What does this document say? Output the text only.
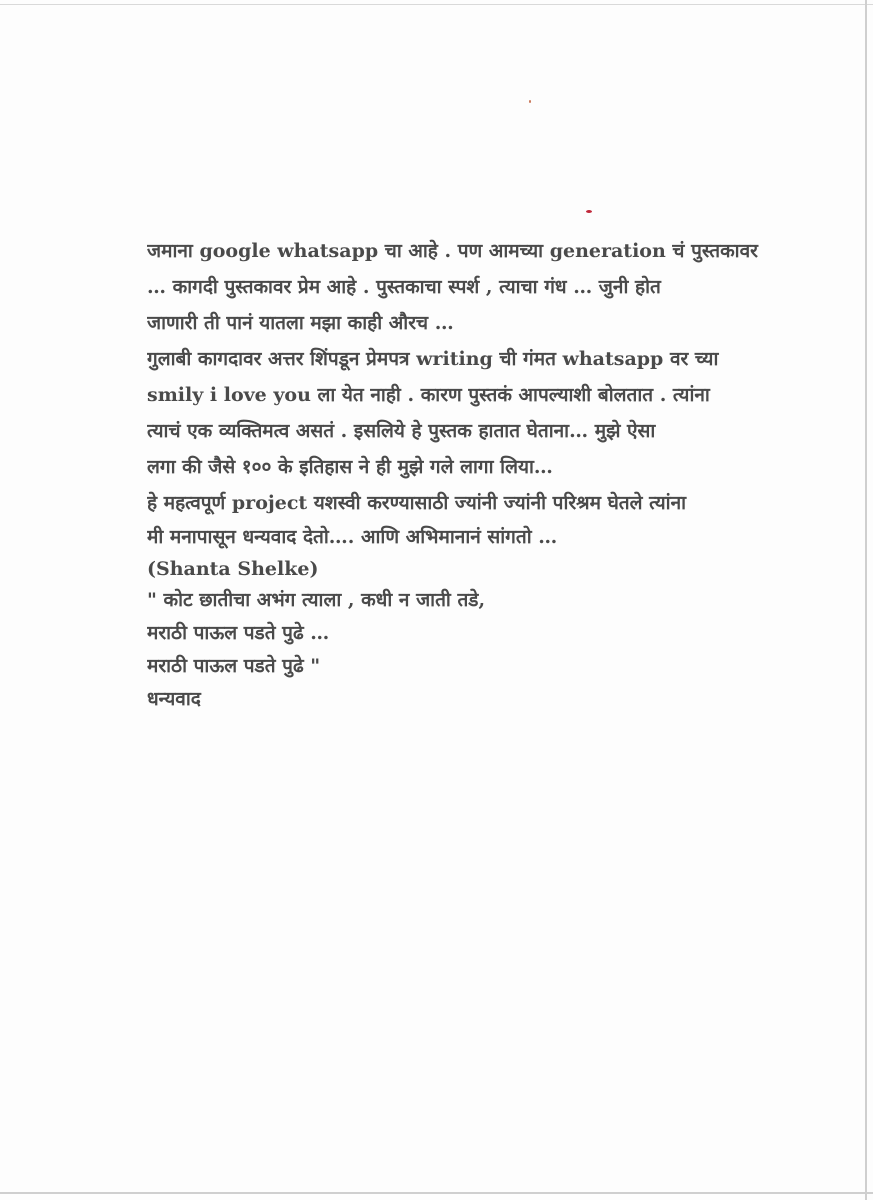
जमाना google whatsapp चा आहे . पण आमच्या generation चं पुस्तकावर
… कागदी पुस्तकावर प्रेम आहे . पुस्तकाचा स्पर्श , त्याचा गंध … जुनी होत
जाणारी ती पानं यातला मझा काही औरच …
गुलाबी कागदावर अत्तर शिंपडून प्रेमपत्र writing ची गंमत whatsapp वर च्या
smily i love you ला येत नाही . कारण पुस्तकं आपल्याशी बोलतात . त्यांना
त्याचं एक व्यक्तिमत्व असतं . इसलिये हे पुस्तक हातात घेताना… मुझे ऐसा
लगा की जैसे १०० के इतिहास ने ही मुझे गले लागा लिया…
हे महत्वपूर्ण project यशस्वी करण्यासाठी ज्यांनी ज्यांनी परिश्रम घेतले त्यांना
मी मनापासून धन्यवाद देतो…. आणि अभिमानानं सांगतो …
(Shanta Shelke)
" कोट छातीचा अभंग त्याला , कधी न जाती तडे,
मराठी पाऊल पडते पुढे …
मराठी पाऊल पडते पुढे "
धन्यवाद
